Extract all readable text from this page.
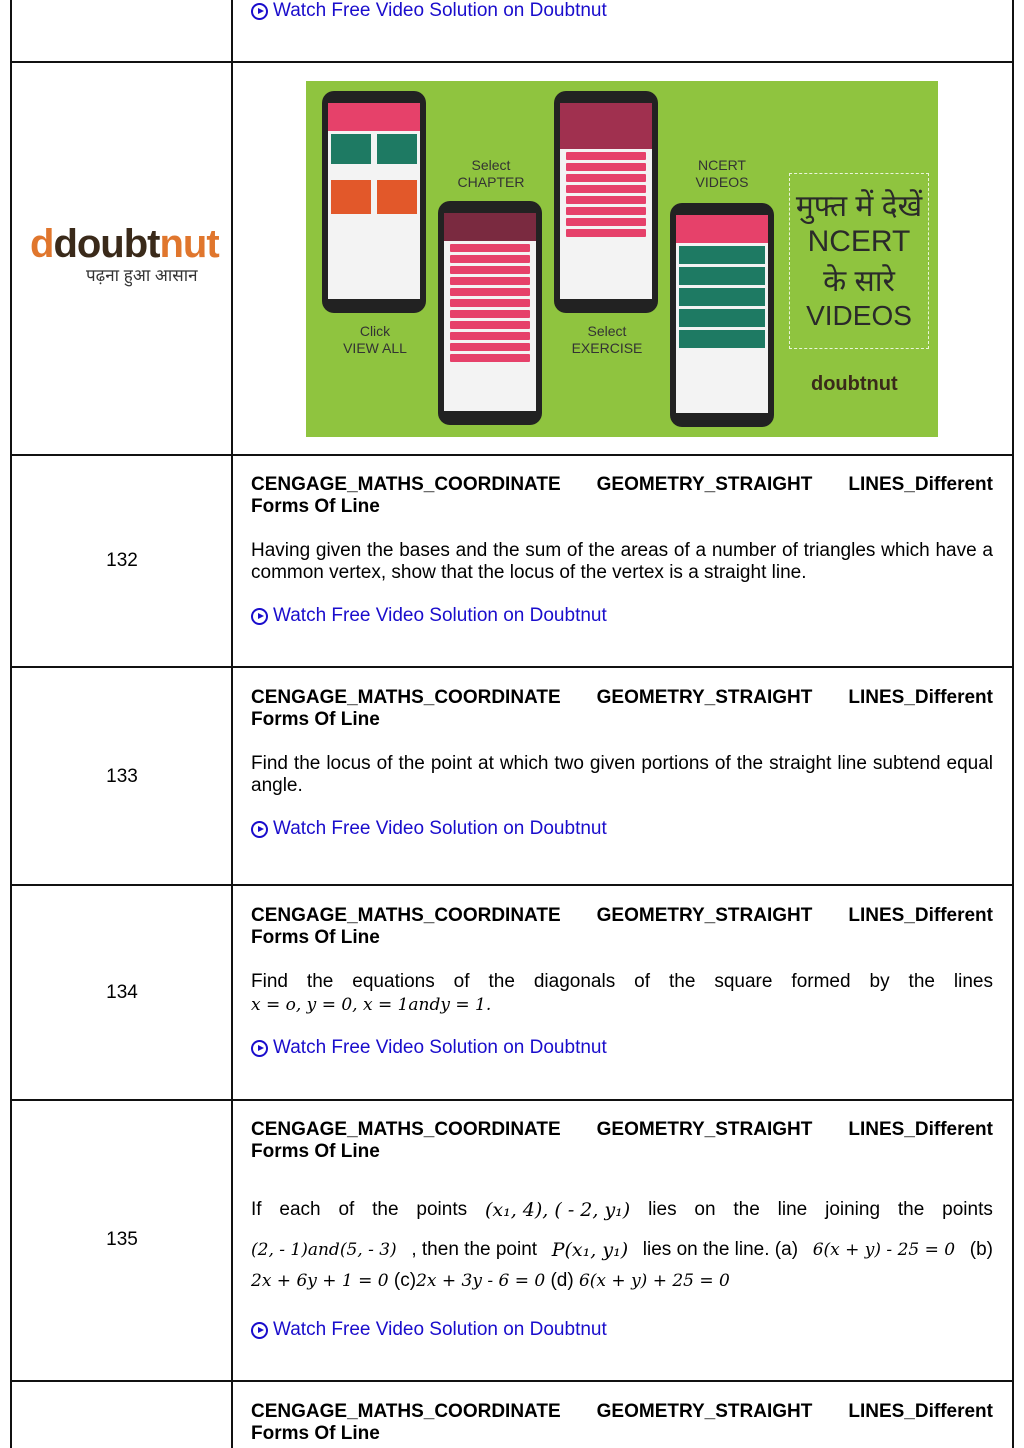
Watch Free Video Solution on Doubtnut
d doubt nut
पढ़ना हुआ आसान
Select
CHAPTER
NCERT
VIDEOS
Click
VIEW ALL
Select
EXERCISE
मुफ्त में देखें
NCERT
के सारे
VIDEOS
doubtnut
132
CENGAGE_MATHS_COORDINATE GEOMETRY_STRAIGHT LINES_Different
Forms Of Line
Having given the bases and the sum of the areas of a number of triangles which have a common vertex, show that the locus of the vertex is a straight line.
Watch Free Video Solution on Doubtnut
133
CENGAGE_MATHS_COORDINATE GEOMETRY_STRAIGHT LINES_Different
Forms Of Line
Find the locus of the point at which two given portions of the straight line subtend equal angle.
Watch Free Video Solution on Doubtnut
134
CENGAGE_MATHS_COORDINATE GEOMETRY_STRAIGHT LINES_Different
Forms Of Line
Find the equations of the diagonals of the square formed by the lines
x = o, y = 0, x = 1andy = 1.
Watch Free Video Solution on Doubtnut
135
CENGAGE_MATHS_COORDINATE GEOMETRY_STRAIGHT LINES_Different
Forms Of Line
If each of the points (x₁, 4), ( - 2, y₁) lies on the line joining the points
(2, - 1)and(5, - 3) , then the point P(x₁, y₁) lies on the line. (a) 6(x + y) - 25 = 0 (b)
2x + 6y + 1 = 0 (c)2x + 3y - 6 = 0 (d) 6(x + y) + 25 = 0
Watch Free Video Solution on Doubtnut
CENGAGE_MATHS_COORDINATE GEOMETRY_STRAIGHT LINES_Different
Forms Of Line
